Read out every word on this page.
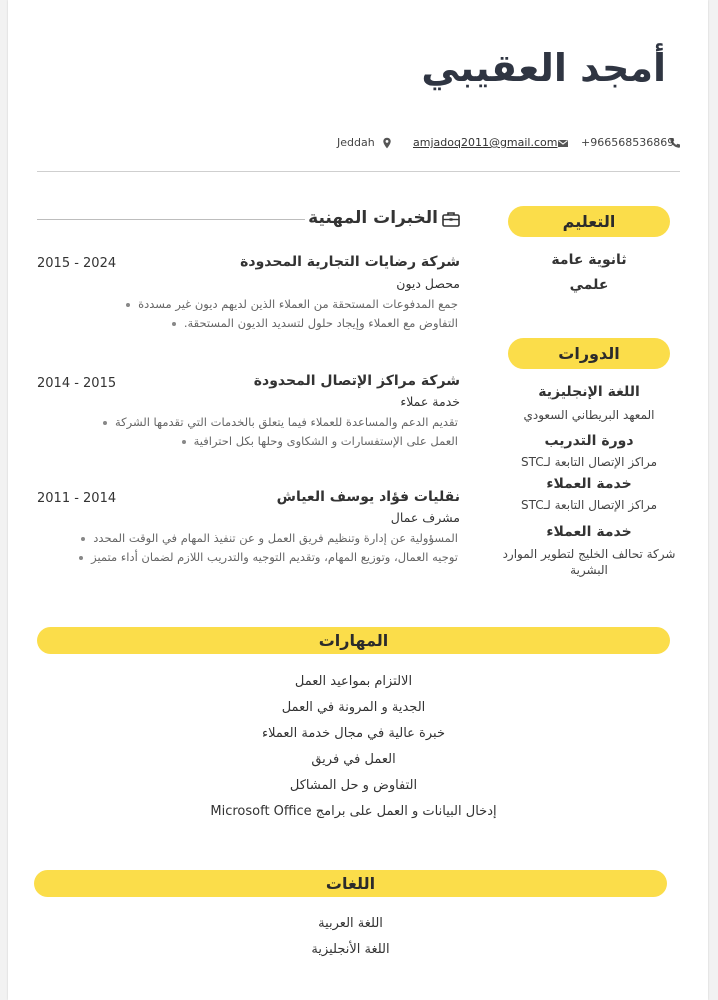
أمجد العقيبي
+966568536869
amjadoq2011@gmail.com
Jeddah
الخبرات المهنية
شركة رضايات التجارية المحدودة
2015 - 2024
محصل ديون
جمع المدفوعات المستحقة من العملاء الذين لديهم ديون غير مسددة
التفاوض مع العملاء وإيجاد حلول لتسديد الديون المستحقة.
شركة مراكز الإتصال المحدودة
2014 - 2015
خدمة عملاء
تقديم الدعم والمساعدة للعملاء فيما يتعلق بالخدمات التي تقدمها الشركة
العمل على الإستفسارات و الشكاوى وحلها بكل احترافية
نقليات فؤاد يوسف العياش
2011 - 2014
مشرف عمال
المسؤولية عن إدارة وتنظيم فريق العمل و عن تنفيذ المهام في الوقت المحدد
توجيه العمال، وتوزيع المهام، وتقديم التوجيه والتدريب اللازم لضمان أداء متميز
التعليم
ثانوية عامة
علمي
الدورات
اللغة الإنجليزية
المعهد البريطاني السعودي
دورة التدريب
مراكز الإتصال التابعة لـSTC
خدمة العملاء
مراكز الإتصال التابعة لـSTC
خدمة العملاء
شركة تحالف الخليج لتطوير الموارد البشرية
المهارات
الالتزام بمواعيد العمل
الجدية و المرونة في العمل
خبرة عالية في مجال خدمة العملاء
العمل في فريق
التفاوض و حل المشاكل
إدخال البيانات و العمل على برامج Microsoft Office
اللغات
اللغة العربية
اللغة الأنجليزية
